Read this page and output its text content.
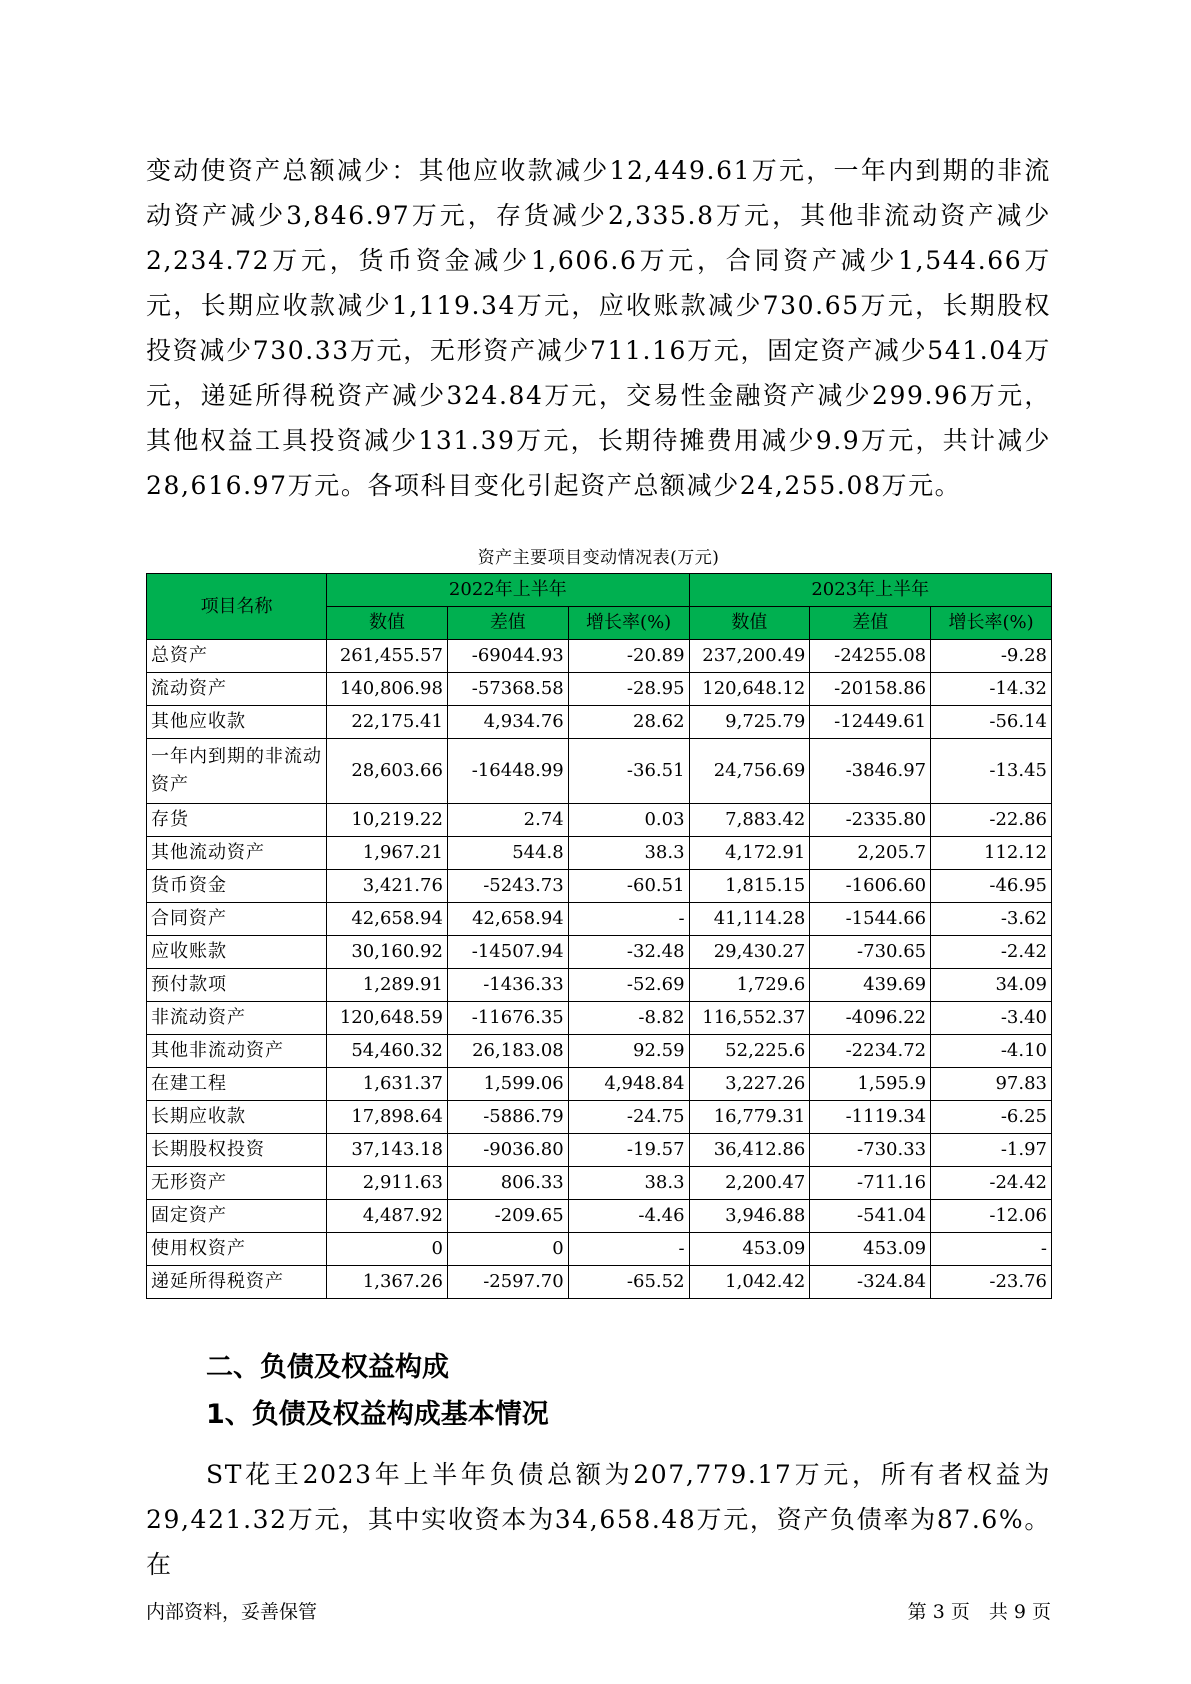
变动使资产总额减少：其他应收款减少12,449.61万元，一年内到期的非流动资产减少3,846.97万元，存货减少2,335.8万元，其他非流动资产减少2,234.72万元，货币资金减少1,606.6万元，合同资产减少1,544.66万元，长期应收款减少1,119.34万元，应收账款减少730.65万元，长期股权投资减少730.33万元，无形资产减少711.16万元，固定资产减少541.04万元，递延所得税资产减少324.84万元，交易性金融资产减少299.96万元，其他权益工具投资减少131.39万元，长期待摊费用减少9.9万元，共计减少28,616.97万元。各项科目变化引起资产总额减少24,255.08万元。

资产主要项目变动情况表(万元)
项目名称	2022年上半年			2023年上半年		
	数值	差值	增长率(%)	数值	差值	增长率(%)
总资产	261,455.57	-69044.93	-20.89	237,200.49	-24255.08	-9.28
流动资产	140,806.98	-57368.58	-28.95	120,648.12	-20158.86	-14.32
其他应收款	22,175.41	4,934.76	28.62	9,725.79	-12449.61	-56.14
一年内到期的非流动资产	28,603.66	-16448.99	-36.51	24,756.69	-3846.97	-13.45
存货	10,219.22	2.74	0.03	7,883.42	-2335.80	-22.86
其他流动资产	1,967.21	544.8	38.3	4,172.91	2,205.7	112.12
货币资金	3,421.76	-5243.73	-60.51	1,815.15	-1606.60	-46.95
合同资产	42,658.94	42,658.94	-	41,114.28	-1544.66	-3.62
应收账款	30,160.92	-14507.94	-32.48	29,430.27	-730.65	-2.42
预付款项	1,289.91	-1436.33	-52.69	1,729.6	439.69	34.09
非流动资产	120,648.59	-11676.35	-8.82	116,552.37	-4096.22	-3.40
其他非流动资产	54,460.32	26,183.08	92.59	52,225.6	-2234.72	-4.10
在建工程	1,631.37	1,599.06	4,948.84	3,227.26	1,595.9	97.83
长期应收款	17,898.64	-5886.79	-24.75	16,779.31	-1119.34	-6.25
长期股权投资	37,143.18	-9036.80	-19.57	36,412.86	-730.33	-1.97
无形资产	2,911.63	806.33	38.3	2,200.47	-711.16	-24.42
固定资产	4,487.92	-209.65	-4.46	3,946.88	-541.04	-12.06
使用权资产	0	0	-	453.09	453.09	-
递延所得税资产	1,367.26	-2597.70	-65.52	1,042.42	-324.84	-23.76
二、负债及权益构成
1、负债及权益构成基本情况

ST花王2023年上半年负债总额为207,779.17万元，所有者权益为29,421.32万元，其中实收资本为34,658.48万元，资产负债率为87.6%。在

内部资料，妥善保管	第 3 页　共 9 页
